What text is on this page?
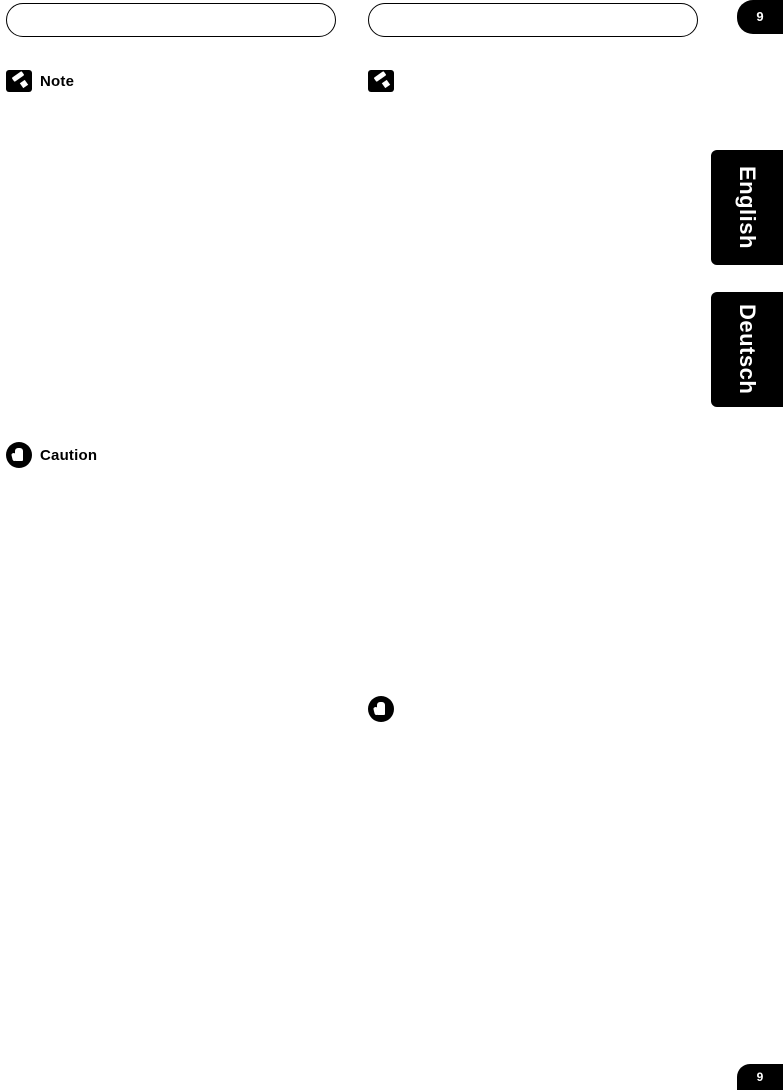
9
English
Deutsch
Note

Caution

9
